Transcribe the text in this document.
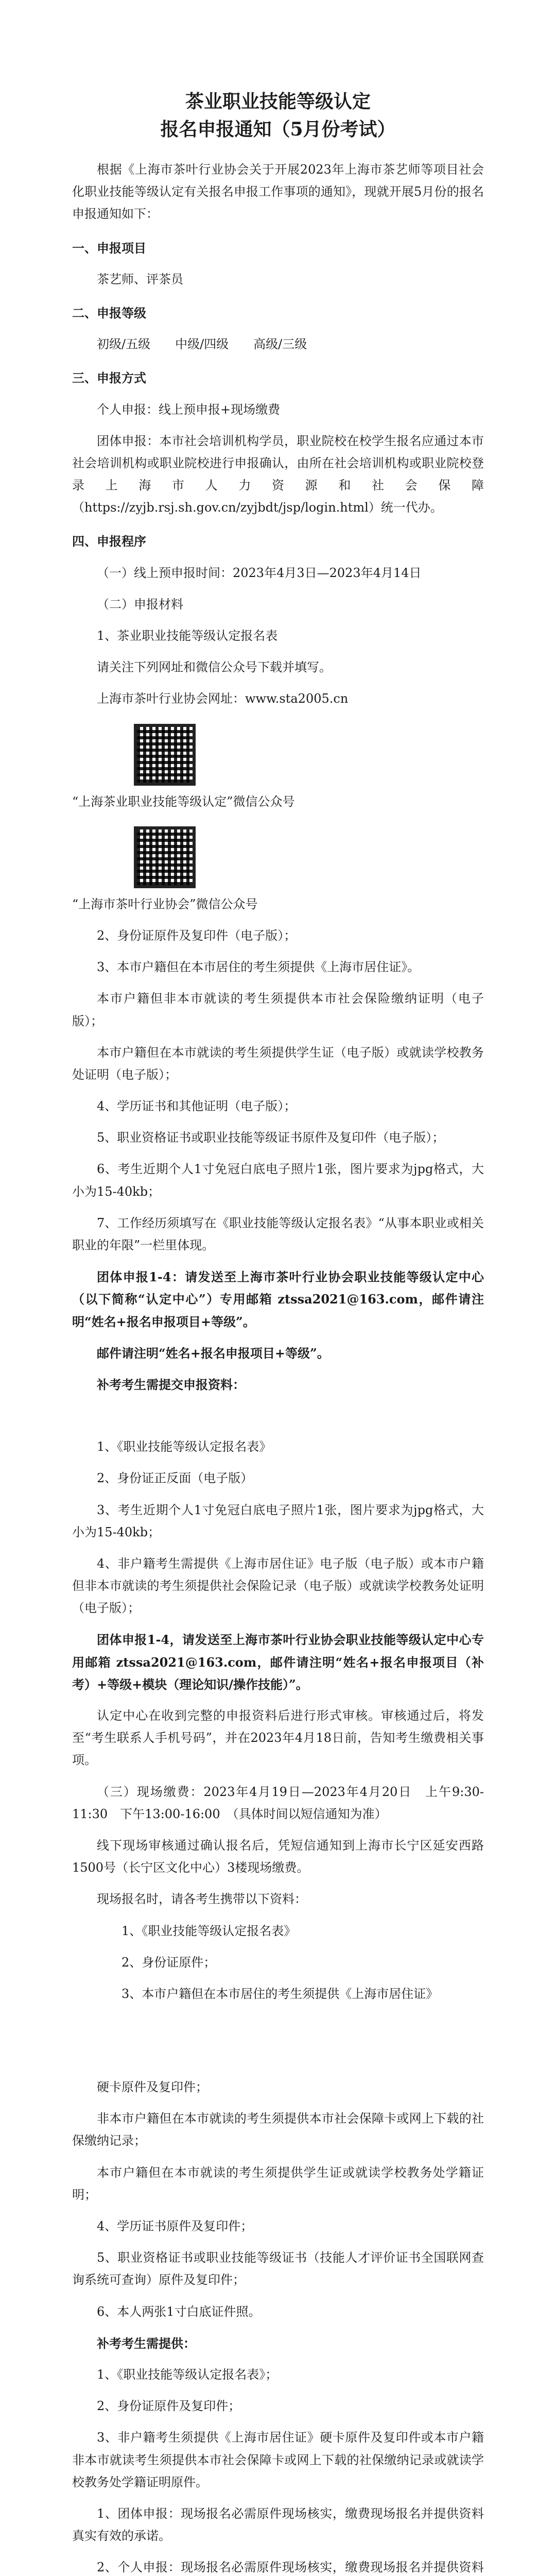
茶业职业技能等级认定
报名申报通知（5月份考试）

根据《上海市茶叶行业协会关于开展2023年上海市茶艺师等项目社会化职业技能等级认定有关报名申报工作事项的通知》，现就开展5月份的报名申报通知如下：

一、申报项目

茶艺师、评茶员

二、申报等级

初级/五级　　中级/四级　　高级/三级

三、申报方式

个人申报：线上预申报+现场缴费

团体申报：本市社会培训机构学员，职业院校在校学生报名应通过本市社会培训机构或职业院校进行申报确认，由所在社会培训机构或职业院校登录上海市人力资源和社会保障（https://zyjb.rsj.sh.gov.cn/zyjbdt/jsp/login.html）统一代办。

四、申报程序

（一）线上预申报时间：2023年4月3日—2023年4月14日

（二）申报材料

1、茶业职业技能等级认定报名表

请关注下列网址和微信公众号下载并填写。

上海市茶叶行业协会网址：www.sta2005.cn

“上海茶业职业技能等级认定”微信公众号

“上海市茶叶行业协会”微信公众号

2、身份证原件及复印件（电子版）；

3、本市户籍但在本市居住的考生须提供《上海市居住证》。

本市户籍但非本市就读的考生须提供本市社会保险缴纳证明（电子版）；

本市户籍但在本市就读的考生须提供学生证（电子版）或就读学校教务处证明（电子版）；

4、学历证书和其他证明（电子版）；

5、职业资格证书或职业技能等级证书原件及复印件（电子版）；

6、考生近期个人1寸免冠白底电子照片1张，图片要求为jpg格式，大小为15-40kb；

7、工作经历须填写在《职业技能等级认定报名表》“从事本职业或相关职业的年限”一栏里体现。

团体申报1-4：请发送至上海市茶叶行业协会职业技能等级认定中心（以下简称“认定中心”）专用邮箱 ztssa2021@163.com，邮件请注明“姓名+报名申报项目+等级”。

邮件请注明“姓名+报名申报项目+等级”。

补考考生需提交申报资料：

1、《职业技能等级认定报名表》

2、身份证正反面（电子版）

3、考生近期个人1寸免冠白底电子照片1张，图片要求为jpg格式，大小为15-40kb；

4、非户籍考生需提供《上海市居住证》电子版（电子版）或本市户籍但非本市就读的考生须提供社会保险记录（电子版）或就读学校教务处证明（电子版）；

团体申报1-4，请发送至上海市茶叶行业协会职业技能等级认定中心专用邮箱 ztssa2021@163.com，邮件请注明“姓名+报名申报项目（补考）+等级+模块（理论知识/操作技能）”。

认定中心在收到完整的申报资料后进行形式审核。审核通过后，将发至“考生联系人手机号码”，并在2023年4月18日前，告知考生缴费相关事项。

（三）现场缴费：2023年4月19日—2023年4月20日　上午9:30-11:30　下午13:00-16:00　（具体时间以短信通知为准）

线下现场审核通过确认报名后，凭短信通知到上海市长宁区延安西路1500号（长宁区文化中心）3楼现场缴费。

现场报名时，请各考生携带以下资料：

1、《职业技能等级认定报名表》

2、身份证原件；

3、本市户籍但在本市居住的考生须提供《上海市居住证》

硬卡原件及复印件；

非本市户籍但在本市就读的考生须提供本市社会保障卡或网上下载的社保缴纳记录；

本市户籍但在本市就读的考生须提供学生证或就读学校教务处学籍证明；

4、学历证书原件及复印件；

5、职业资格证书或职业技能等级证书（技能人才评价证书全国联网查询系统可查询）原件及复印件；

6、本人两张1寸白底证件照。

补考考生需提供：

1、《职业技能等级认定报名表》；

2、身份证原件及复印件；

3、非户籍考生须提供《上海市居住证》硬卡原件及复印件或本市户籍非本市就读考生须提供本市社会保障卡或网上下载的社保缴纳记录或就读学校教务处学籍证明原件。

1、团体申报：现场报名必需原件现场核实，缴费现场报名并提供资料真实有效的承诺。

2、个人申报：现场报名必需原件现场核实，缴费现场报名并提供资料
